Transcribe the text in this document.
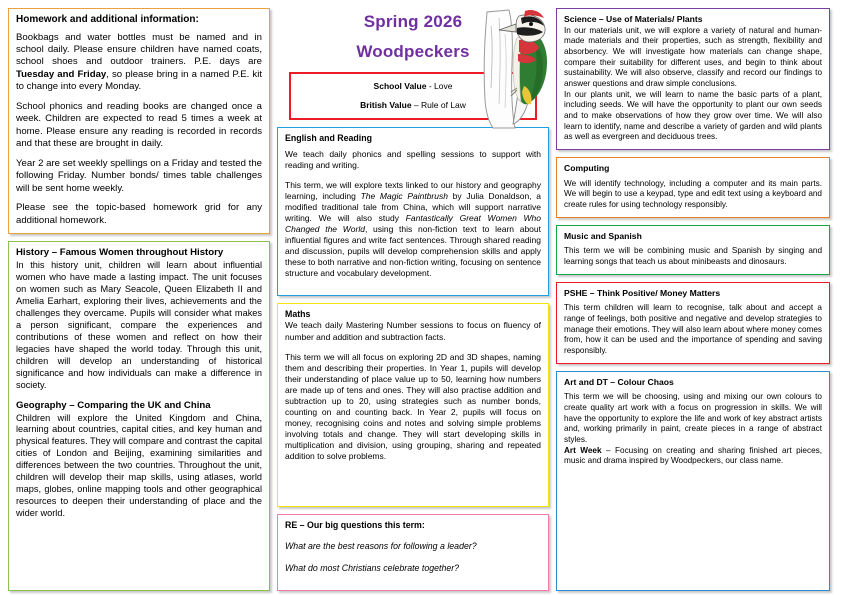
Homework and additional information:

Bookbags and water bottles must be named and in school daily. Please ensure children have named coats, school shoes and outdoor trainers. P.E. days are Tuesday and Friday, so please bring in a named P.E. kit to change into every Monday.

School phonics and reading books are changed once a week. Children are expected to read 5 times a week at home. Please ensure any reading is recorded in records and that these are brought in daily.

Year 2 are set weekly spellings on a Friday and tested the following Friday. Number bonds/ times table challenges will be sent home weekly.

Please see the topic-based homework grid for any additional homework.

History – Famous Women throughout History

In this history unit, children will learn about influential women who have made a lasting impact. The unit focuses on women such as Mary Seacole, Queen Elizabeth II and Amelia Earhart, exploring their lives, achievements and the challenges they overcame. Pupils will consider what makes a person significant, compare the experiences and contributions of these women and reflect on how their legacies have shaped the world today. Through this unit, children will develop an understanding of historical significance and how individuals can make a difference in society.

Geography – Comparing the UK and China

Children will explore the United Kingdom and China, learning about countries, capital cities, and key human and physical features. They will compare and contrast the capital cities of London and Beijing, examining similarities and differences between the two countries. Throughout the unit, children will develop their map skills, using atlases, world maps, globes, online mapping tools and other geographical resources to deepen their understanding of place and the wider world.

Spring 2026
Woodpeckers
School Value - Love
British Value – Rule of Law
English and Reading

We teach daily phonics and spelling sessions to support with reading and writing.

This term, we will explore texts linked to our history and geography learning, including The Magic Paintbrush by Julia Donaldson, a modified traditional tale from China, which will support narrative writing. We will also study Fantastically Great Women Who Changed the World, using this non-fiction text to learn about influential figures and write fact sentences. Through shared reading and discussion, pupils will develop comprehension skills and apply these to both narrative and non-fiction writing, focusing on sentence structure and vocabulary development.

Maths

We teach daily Mastering Number sessions to focus on fluency of number and addition and subtraction facts.

This term we will all focus on exploring 2D and 3D shapes, naming them and describing their properties. In Year 1, pupils will develop their understanding of place value up to 50, learning how numbers are made up of tens and ones. They will also practise addition and subtraction up to 20, using strategies such as number bonds, counting on and counting back. In Year 2, pupils will focus on money, recognising coins and notes and solving simple problems involving totals and change. They will start developing skills in multiplication and division, using grouping, sharing and repeated addition to solve problems.

RE – Our big questions this term:

What are the best reasons for following a leader?

What do most Christians celebrate together?

Science – Use of Materials/ Plants

In our materials unit, we will explore a variety of natural and human-made materials and their properties, such as strength, flexibility and absorbency. We will investigate how materials can change shape, compare their suitability for different uses, and begin to think about sustainability. We will also observe, classify and record our findings to answer questions and draw simple conclusions.

In our plants unit, we will learn to name the basic parts of a plant, including seeds. We will have the opportunity to plant our own seeds and to make observations of how they grow over time. We will also learn to identify, name and describe a variety of garden and wild plants as well as evergreen and deciduous trees.

Computing

We will identify technology, including a computer and its main parts. We will begin to use a keypad, type and edit text using a keyboard and create rules for using technology responsibly.

Music and Spanish

This term we will be combining music and Spanish by singing and learning songs that teach us about minibeasts and dinosaurs.

PSHE – Think Positive/ Money Matters

This term children will learn to recognise, talk about and accept a range of feelings, both positive and negative and develop strategies to manage their emotions. They will also learn about where money comes from, how it can be used and the importance of spending and saving responsibly.

Art and DT – Colour Chaos

This term we will be choosing, using and mixing our own colours to create quality art work with a focus on progression in skills. We will have the opportunity to explore the life and work of key abstract artists and, working primarily in paint, create pieces in a range of abstract styles.

Art Week – Focusing on creating and sharing finished art pieces, music and drama inspired by Woodpeckers, our class name.
